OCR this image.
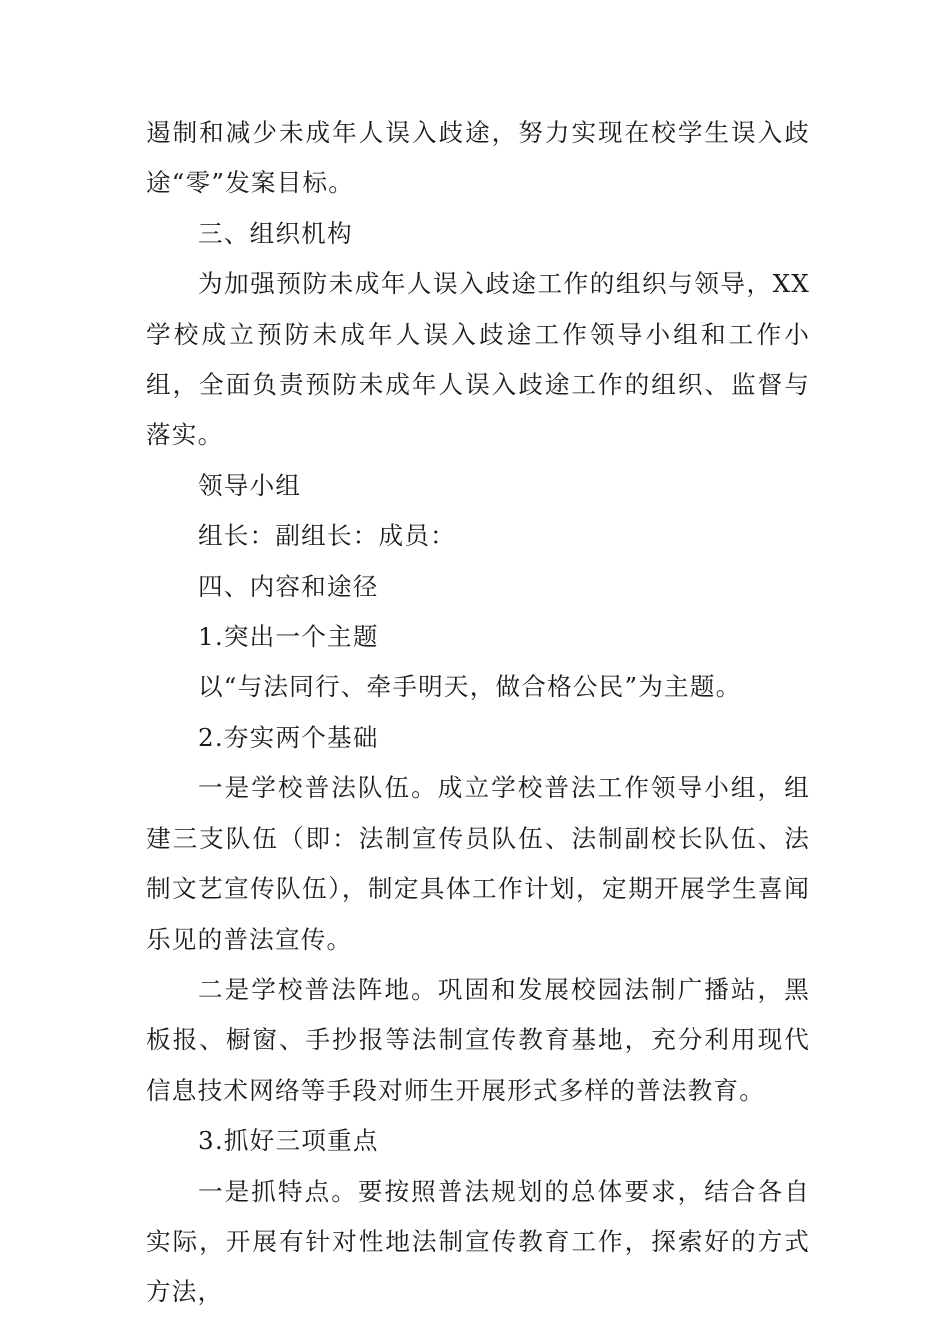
遏制和减少未成年人误入歧途，努力实现在校学生误入歧途“零”发案目标。

三、组织机构

为加强预防未成年人误入歧途工作的组织与领导，XX学校成立预防未成年人误入歧途工作领导小组和工作小组，全面负责预防未成年人误入歧途工作的组织、监督与落实。

领导小组

组长：副组长：成员：

四、内容和途径

1.突出一个主题

以“与法同行、牵手明天，做合格公民”为主题。

2.夯实两个基础

一是学校普法队伍。成立学校普法工作领导小组，组建三支队伍（即：法制宣传员队伍、法制副校长队伍、法制文艺宣传队伍），制定具体工作计划，定期开展学生喜闻乐见的普法宣传。

二是学校普法阵地。巩固和发展校园法制广播站，黑板报、橱窗、手抄报等法制宣传教育基地，充分利用现代信息技术网络等手段对师生开展形式多样的普法教育。

3.抓好三项重点

一是抓特点。要按照普法规划的总体要求，结合各自实际，开展有针对性地法制宣传教育工作，探索好的方式方法，
